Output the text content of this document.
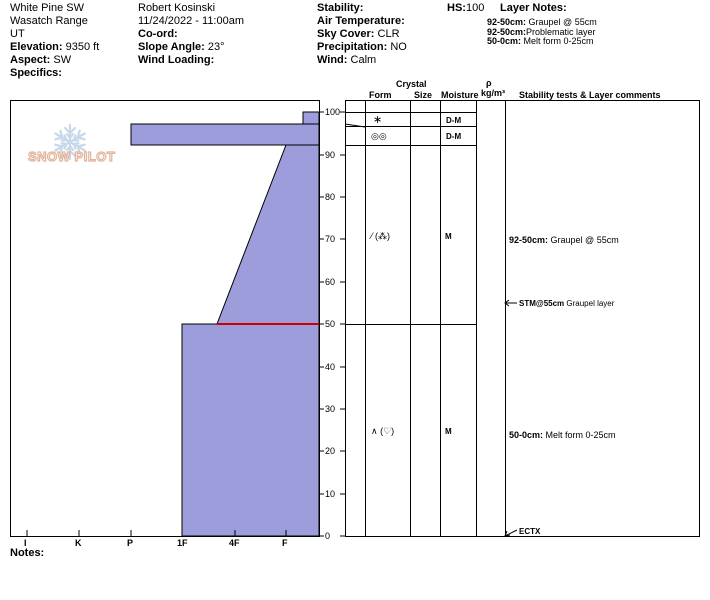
White Pine SW
Wasatch Range
UT
Elevation: 9350 ft
Aspect: SW
Specifics:
Robert Kosinski
11/24/2022 - 11:00am
Co-ord:
Slope Angle: 23°
Wind Loading:
Stability:
Air Temperature:
Sky Cover: CLR
Precipitation: NO
Wind: Calm
HS:100 Layer Notes:
92-50cm: Graupel @ 55cm
92-50cm:Problematic layer
50-0cm: Melt form 0-25cm
SNOW PILOT
I	K	P	1F	4F	F
100
90
80
70
60
50
40
30
20
10
0
Crystal
Form	Size Moisture
ρ
kg/m³ Stability tests & Layer comments
∗	D-M
◎◎	D-M
⁄ (⁂)	M
∧ (♡)	M
92-50cm: Graupel @ 55cm
STM@55cm Graupel layer
50-0cm: Melt form 0-25cm
ECTX
Notes:
